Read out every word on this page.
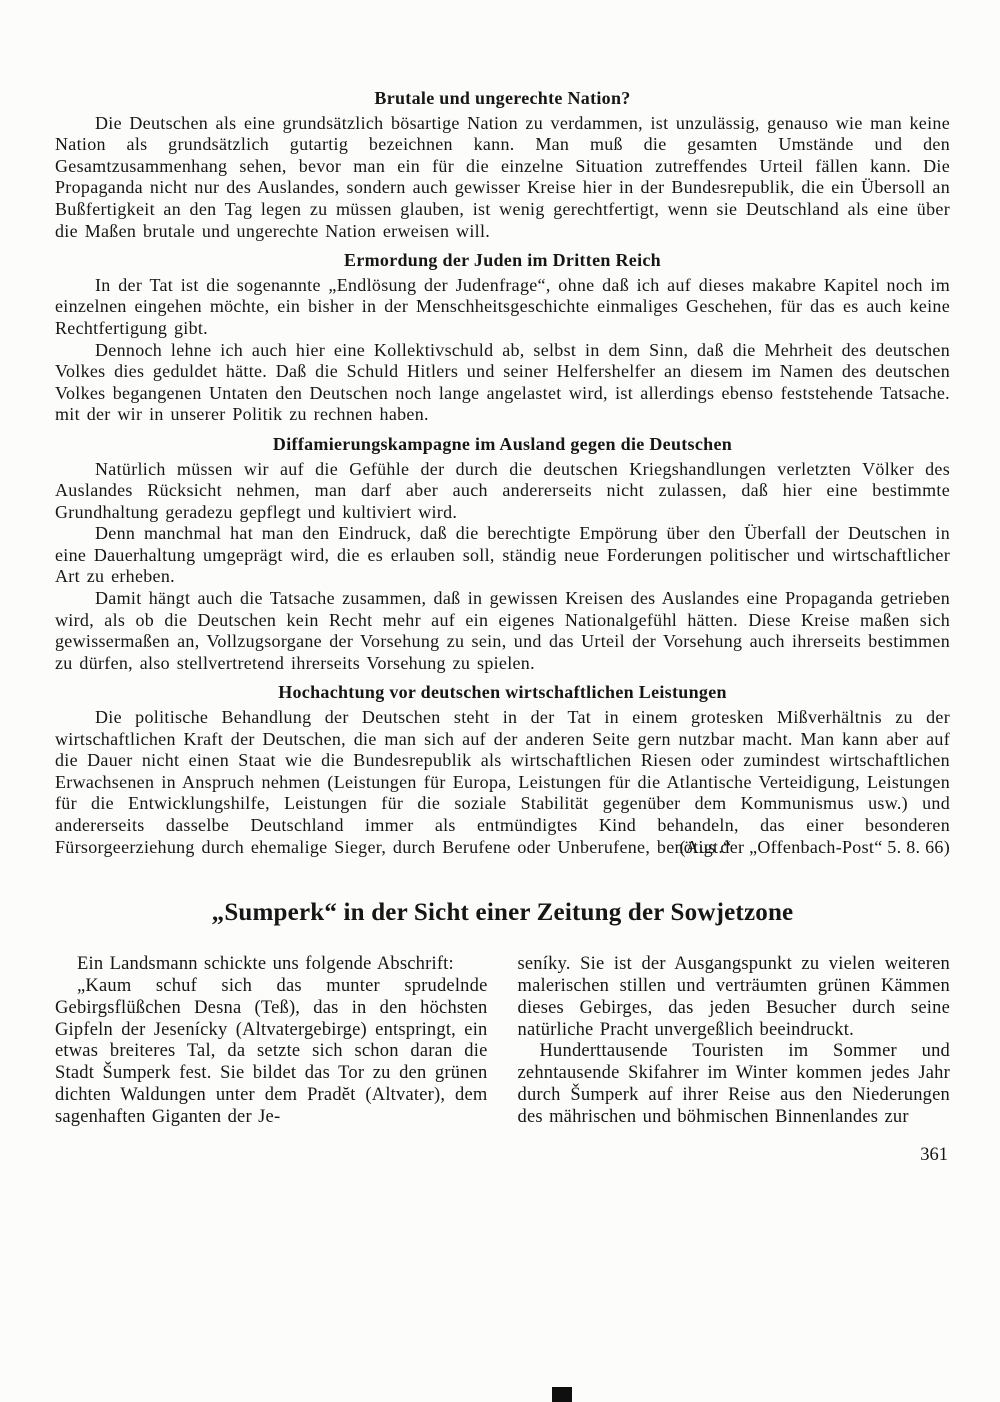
Brutale und ungerechte Nation?

Die Deutschen als eine grundsätzlich bösartige Nation zu verdammen, ist unzulässig, genauso wie man keine Nation als grundsätzlich gutartig bezeichnen kann. Man muß die gesamten Umstände und den Gesamtzusammenhang sehen, bevor man ein für die einzelne Situation zutreffendes Urteil fällen kann. Die Propaganda nicht nur des Auslandes, sondern auch gewisser Kreise hier in der Bundesrepublik, die ein Übersoll an Bußfertigkeit an den Tag legen zu müssen glauben, ist wenig gerechtfertigt, wenn sie Deutschland als eine über die Maßen brutale und ungerechte Nation erweisen will.

Ermordung der Juden im Dritten Reich

In der Tat ist die sogenannte „Endlösung der Judenfrage“, ohne daß ich auf dieses makabre Kapitel noch im einzelnen eingehen möchte, ein bisher in der Menschheitsgeschichte einmaliges Geschehen, für das es auch keine Rechtfertigung gibt.

Dennoch lehne ich auch hier eine Kollektivschuld ab, selbst in dem Sinn, daß die Mehrheit des deutschen Volkes dies geduldet hätte. Daß die Schuld Hitlers und seiner Helfershelfer an diesem im Namen des deutschen Volkes begangenen Untaten den Deutschen noch lange angelastet wird, ist allerdings ebenso feststehende Tatsache. mit der wir in unserer Politik zu rechnen haben.

Diffamierungskampagne im Ausland gegen die Deutschen

Natürlich müssen wir auf die Gefühle der durch die deutschen Kriegshandlungen verletzten Völker des Auslandes Rücksicht nehmen, man darf aber auch andererseits nicht zulassen, daß hier eine bestimmte Grundhaltung geradezu gepflegt und kultiviert wird.

Denn manchmal hat man den Eindruck, daß die berechtigte Empörung über den Überfall der Deutschen in eine Dauerhaltung umgeprägt wird, die es erlauben soll, ständig neue Forderungen politischer und wirtschaftlicher Art zu erheben.

Damit hängt auch die Tatsache zusammen, daß in gewissen Kreisen des Auslandes eine Propaganda getrieben wird, als ob die Deutschen kein Recht mehr auf ein eigenes Nationalgefühl hätten. Diese Kreise maßen sich gewissermaßen an, Vollzugsorgane der Vorsehung zu sein, und das Urteil der Vorsehung auch ihrerseits bestimmen zu dürfen, also stellvertretend ihrerseits Vorsehung zu spielen.

Hochachtung vor deutschen wirtschaftlichen Leistungen

Die politische Behandlung der Deutschen steht in der Tat in einem grotesken Mißverhältnis zu der wirtschaftlichen Kraft der Deutschen, die man sich auf der anderen Seite gern nutzbar macht. Man kann aber auf die Dauer nicht einen Staat wie die Bundesrepublik als wirtschaftlichen Riesen oder zumindest wirtschaftlichen Erwachsenen in Anspruch nehmen (Leistungen für Europa, Leistungen für die Atlantische Verteidigung, Leistungen für die Entwicklungshilfe, Leistungen für die soziale Stabilität gegenüber dem Kommunismus usw.) und andererseits dasselbe Deutschland immer als entmündigtes Kind behandeln, das einer besonderen Fürsorgeerziehung durch ehemalige Sieger, durch Berufene oder Unberufene, benötigt.“

(Aus der „Offenbach-Post“ 5. 8. 66)
„Sumperk“ in der Sicht einer Zeitung der Sowjetzone

Ein Landsmann schickte uns folgende Abschrift:

„Kaum schuf sich das munter sprudelnde Gebirgsflüßchen Desna (Teß), das in den höchsten Gipfeln der Jesenícky (Altvatergebirge) entspringt, ein etwas breiteres Tal, da setzte sich schon daran die Stadt Šumperk fest. Sie bildet das Tor zu den grünen dichten Waldungen unter dem Pradĕt (Altvater), dem sagenhaften Giganten der Je-

seníky. Sie ist der Ausgangspunkt zu vielen weiteren malerischen stillen und verträumten grünen Kämmen dieses Gebirges, das jeden Besucher durch seine natürliche Pracht unvergeßlich beeindruckt.

Hunderttausende Touristen im Sommer und zehntausende Skifahrer im Winter kommen jedes Jahr durch Šumperk auf ihrer Reise aus den Niederungen des mährischen und böhmischen Binnenlandes zur

361
